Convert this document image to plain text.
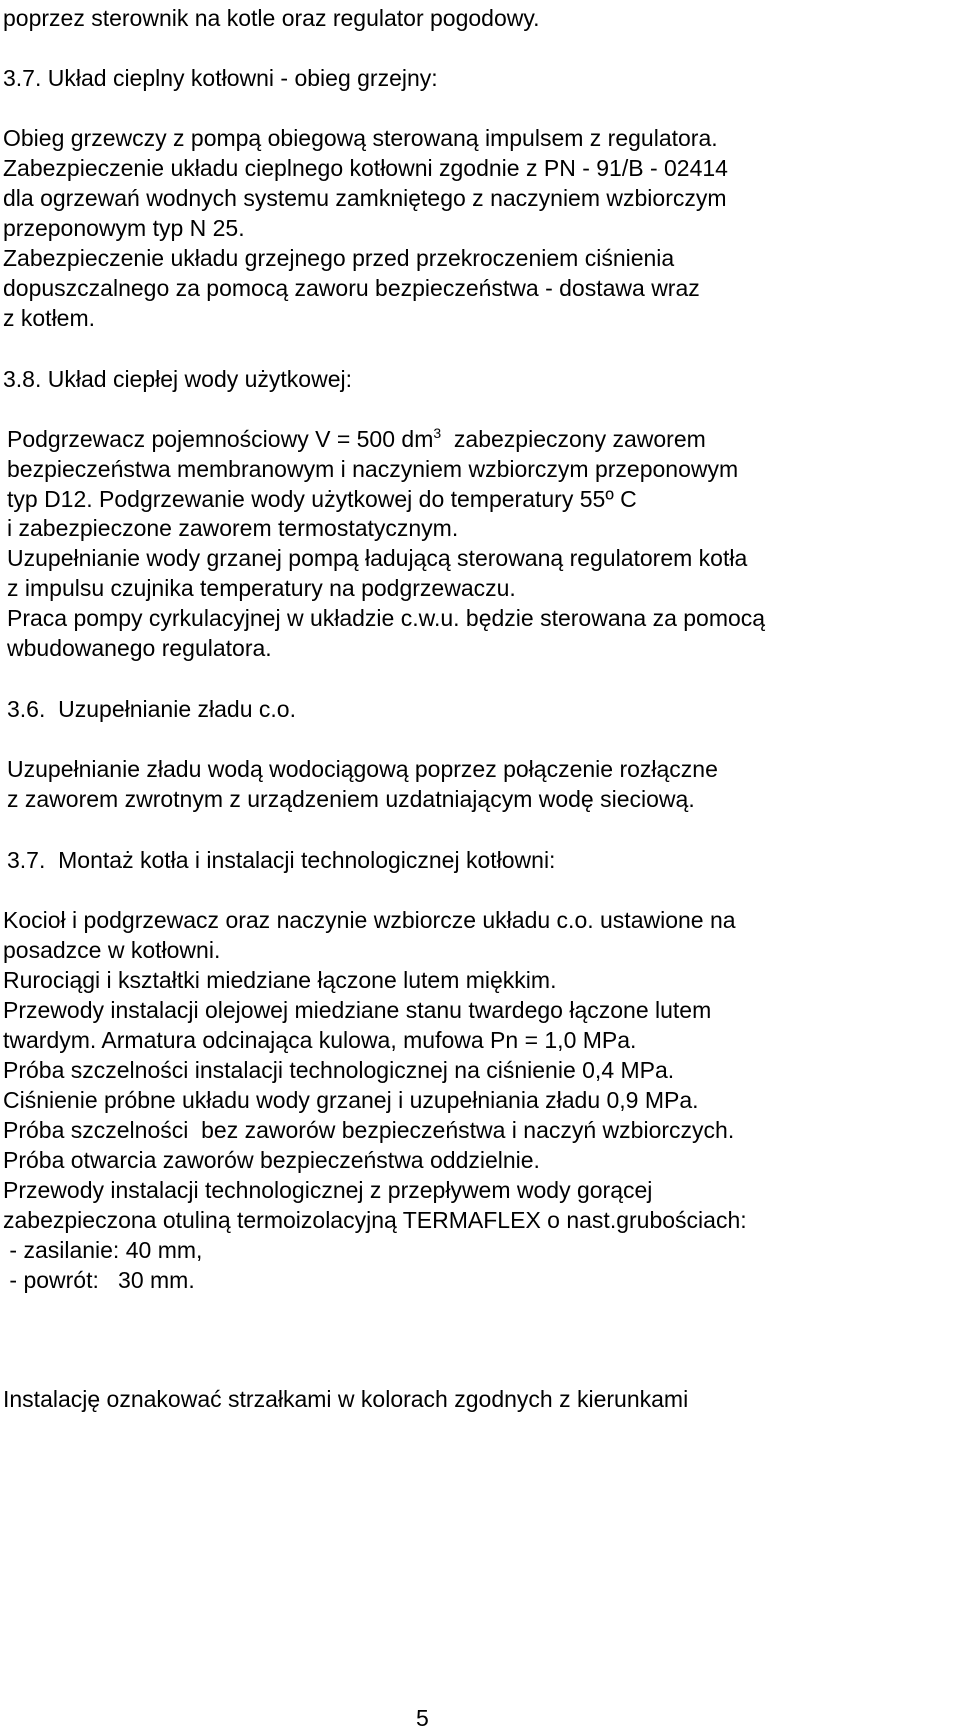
poprzez sterownik na kotle oraz regulator pogodowy.
3.7. Układ cieplny kotłowni - obieg grzejny:
Obieg grzewczy z pompą obiegową sterowaną impulsem z regulatora.
Zabezpieczenie układu cieplnego kotłowni zgodnie z PN - 91/B - 02414
dla ogrzewań wodnych systemu zamkniętego z naczyniem wzbiorczym
przeponowym typ N 25.
Zabezpieczenie układu grzejnego przed przekroczeniem ciśnienia
dopuszczalnego za pomocą zaworu bezpieczeństwa - dostawa wraz
z kotłem.
3.8. Układ ciepłej wody użytkowej:
Podgrzewacz pojemnościowy V = 500 $dm^3$  zabezpieczony zaworem
bezpieczeństwa membranowym i naczyniem wzbiorczym przeponowym
typ D12. Podgrzewanie wody użytkowej do temperatury 55º C
i zabezpieczone zaworem termostatycznym.
Uzupełnianie wody grzanej pompą ładującą sterowaną regulatorem kotła
z impulsu czujnika temperatury na podgrzewaczu.
Praca pompy cyrkulacyjnej w układzie c.w.u. będzie sterowana za pomocą
wbudowanego regulatora.
3.6.  Uzupełnianie zładu c.o.
Uzupełnianie zładu wodą wodociągową poprzez połączenie rozłączne
z zaworem zwrotnym z urządzeniem uzdatniającym wodę sieciową.
3.7.  Montaż kotła i instalacji technologicznej kotłowni:
Kocioł i podgrzewacz oraz naczynie wzbiorcze układu c.o. ustawione na
posadzce w kotłowni.
Rurociągi i kształtki miedziane łączone lutem miękkim.
Przewody instalacji olejowej miedziane stanu twardego łączone lutem
twardym. Armatura odcinająca kulowa, mufowa Pn = 1,0 MPa.
Próba szczelności instalacji technologicznej na ciśnienie 0,4 MPa.
Ciśnienie próbne układu wody grzanej i uzupełniania zładu 0,9 MPa.
Próba szczelności  bez zaworów bezpieczeństwa i naczyń wzbiorczych.
Próba otwarcia zaworów bezpieczeństwa oddzielnie.
Przewody instalacji technologicznej z przepływem wody gorącej
zabezpieczona otuliną termoizolacyjną TERMAFLEX o nast.grubościach:
- zasilanie: 40 mm,
- powrót:   30 mm.
Instalację oznakować strzałkami w kolorach zgodnych z kierunkami
5
